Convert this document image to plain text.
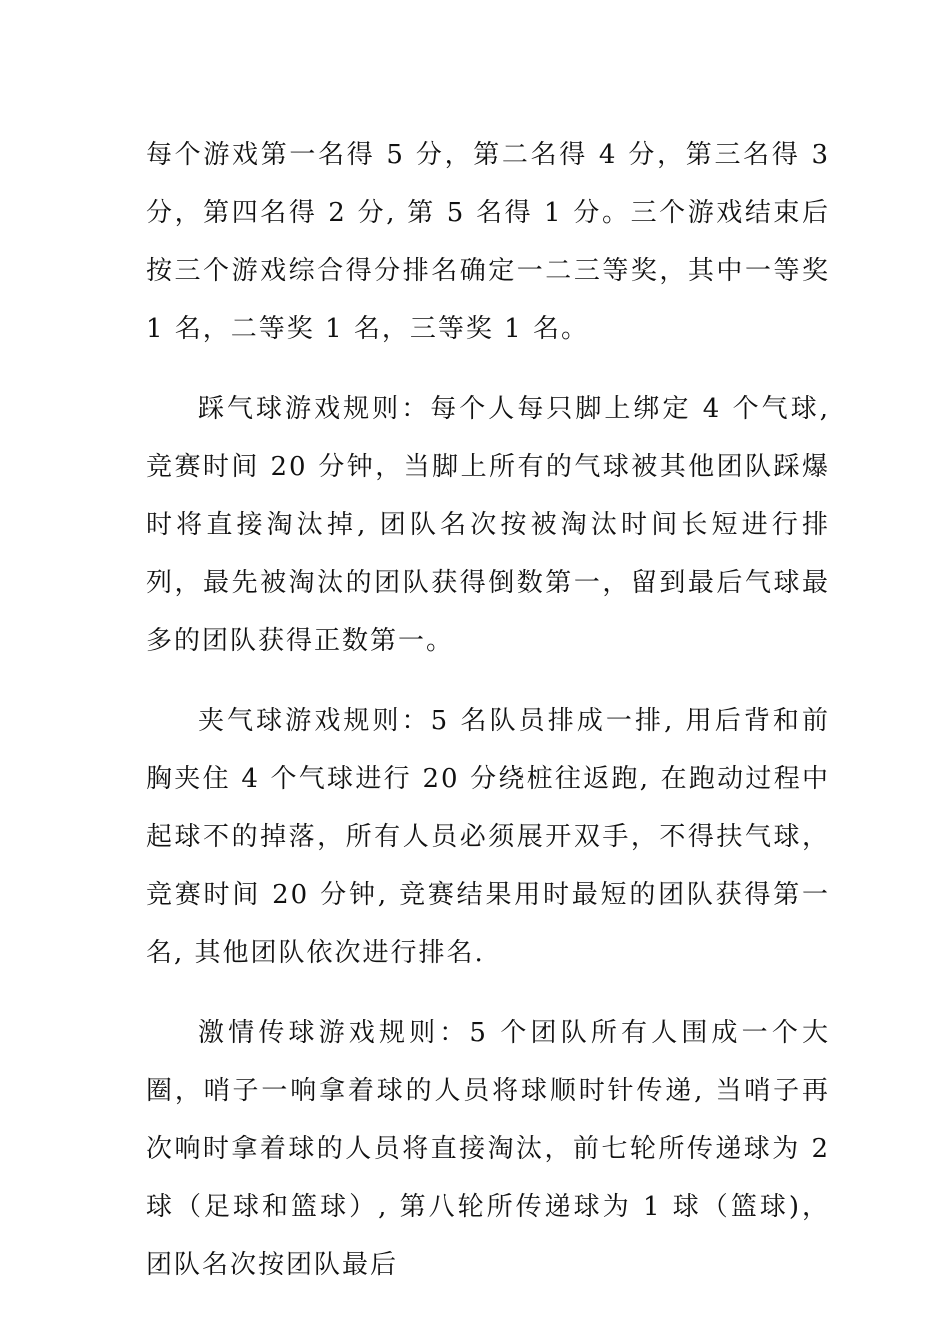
每个游戏第一名得 5 分，第二名得 4 分，第三名得 3 分，第四名得 2 分, 第 5 名得 1 分。三个游戏结束后按三个游戏综合得分排名确定一二三等奖，其中一等奖 1 名，二等奖 1 名，三等奖 1 名。

踩气球游戏规则：每个人每只脚上绑定 4 个气球, 竞赛时间 20 分钟，当脚上所有的气球被其他团队踩爆时将直接淘汰掉, 团队名次按被淘汰时间长短进行排列，最先被淘汰的团队获得倒数第一，留到最后气球最多的团队获得正数第一。

夹气球游戏规则：5 名队员排成一排, 用后背和前胸夹住 4 个气球进行 20 分绕桩往返跑, 在跑动过程中起球不的掉落，所有人员必须展开双手，不得扶气球，竞赛时间 20 分钟, 竞赛结果用时最短的团队获得第一名, 其他团队依次进行排名.

激情传球游戏规则：5 个团队所有人围成一个大圈，哨子一响拿着球的人员将球顺时针传递, 当哨子再次响时拿着球的人员将直接淘汰，前七轮所传递球为 2 球（足球和篮球）, 第八轮所传递球为 1 球（篮球)，团队名次按团队最后
